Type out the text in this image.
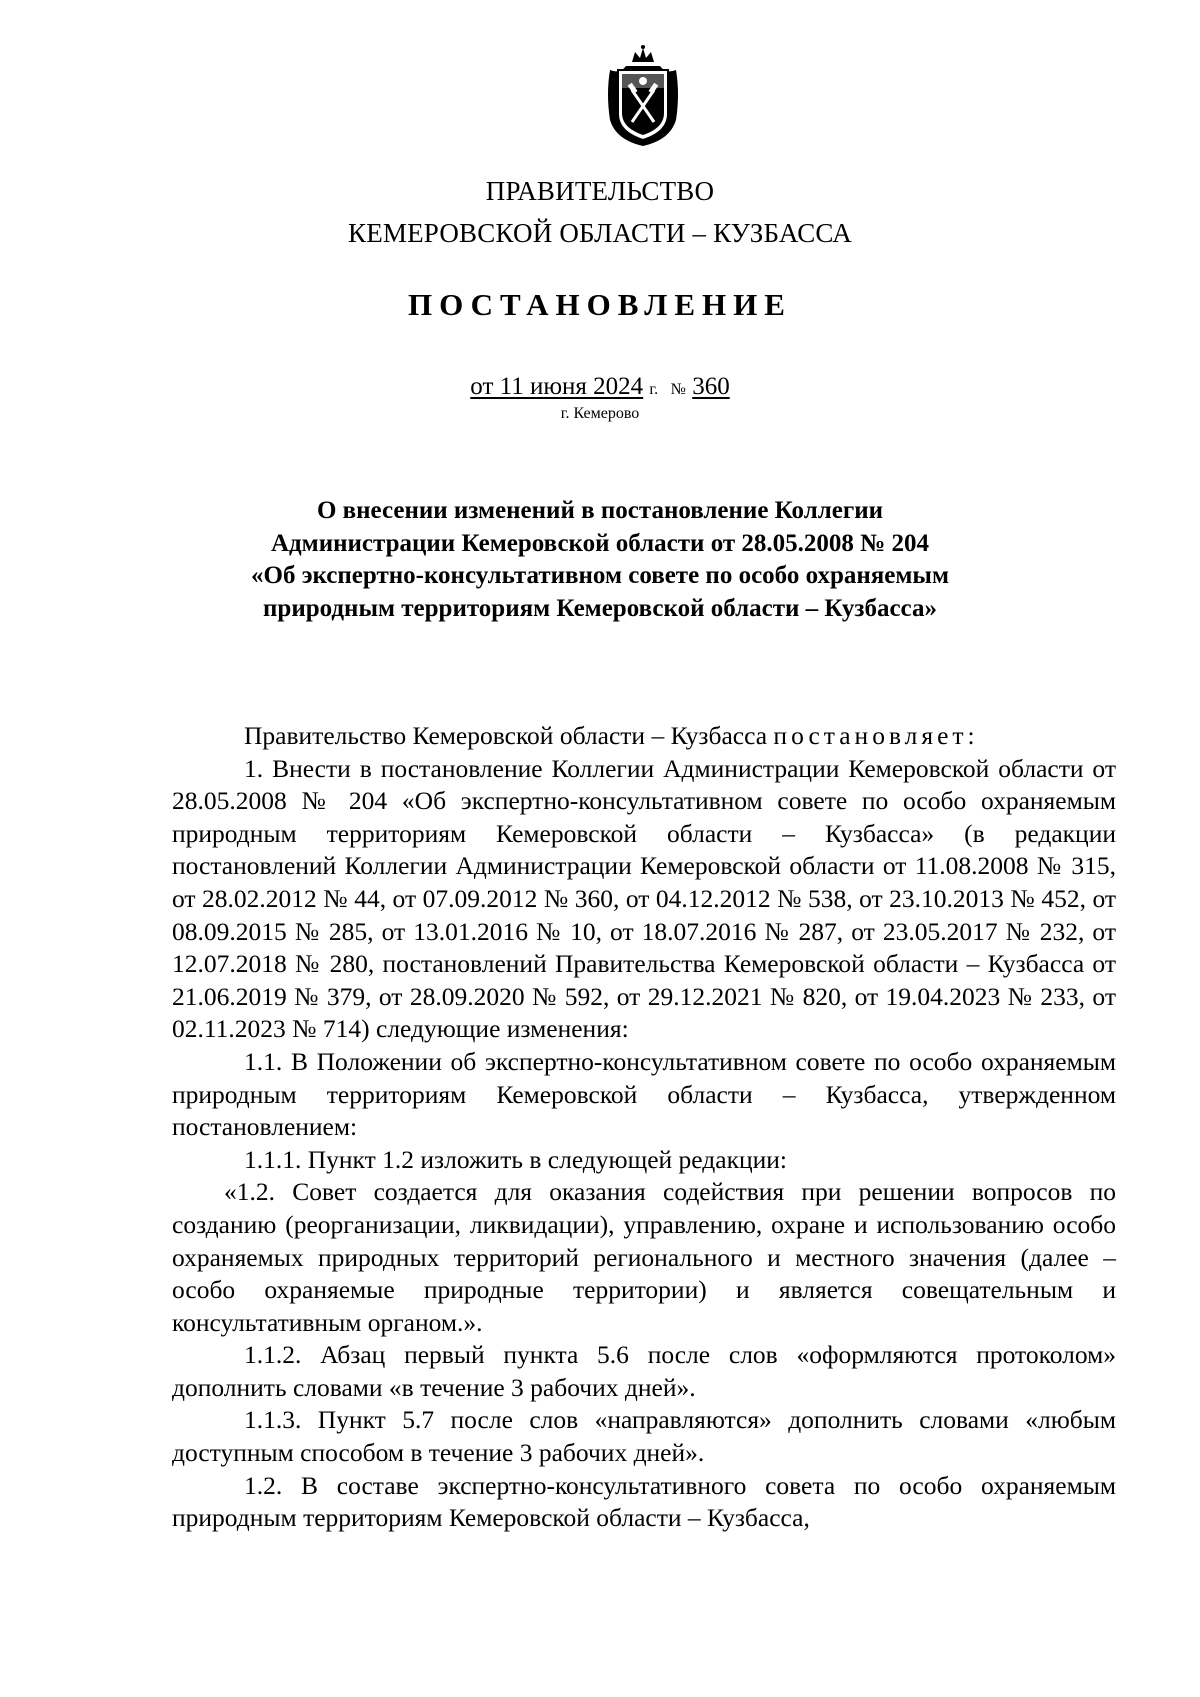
ПРАВИТЕЛЬСТВО
КЕМЕРОВСКОЙ ОБЛАСТИ – КУЗБАССА
ПОСТАНОВЛЕНИЕ
от 11 июня 2024 г. № 360
г. Кемерово
О внесении изменений в постановление Коллегии Администрации Кемеровской области от 28.05.2008 № 204 «Об экспертно-консультативном совете по особо охраняемым природным территориям Кемеровской области – Кузбасса»

Правительство Кемеровской области – Кузбасса постановляет:

1. Внести в постановление Коллегии Администрации Кемеровской области от 28.05.2008 № 204 «Об экспертно-консультативном совете по особо охраняемым природным территориям Кемеровской области – Кузбасса» (в редакции постановлений Коллегии Администрации Кемеровской области от 11.08.2008 № 315, от 28.02.2012 № 44, от 07.09.2012 № 360, от 04.12.2012 № 538, от 23.10.2013 № 452, от 08.09.2015 № 285, от 13.01.2016 № 10, от 18.07.2016 № 287, от 23.05.2017 № 232, от 12.07.2018 № 280, постановлений Правительства Кемеровской области – Кузбасса от 21.06.2019 № 379, от 28.09.2020 № 592, от 29.12.2021 № 820, от 19.04.2023 № 233, от 02.11.2023 № 714) следующие изменения:

1.1. В Положении об экспертно-консультативном совете по особо охраняемым природным территориям Кемеровской области – Кузбасса, утвержденном постановлением:

1.1.1. Пункт 1.2 изложить в следующей редакции:

«1.2. Совет создается для оказания содействия при решении вопросов по созданию (реорганизации, ликвидации), управлению, охране и использованию особо охраняемых природных территорий регионального и местного значения (далее – особо охраняемые природные территории) и является совещательным и консультативным органом.».

1.1.2. Абзац первый пункта 5.6 после слов «оформляются протоколом» дополнить словами «в течение 3 рабочих дней».

1.1.3. Пункт 5.7 после слов «направляются» дополнить словами «любым доступным способом в течение 3 рабочих дней».

1.2. В составе экспертно-консультативного совета по особо охраняемым природным территориям Кемеровской области – Кузбасса,
